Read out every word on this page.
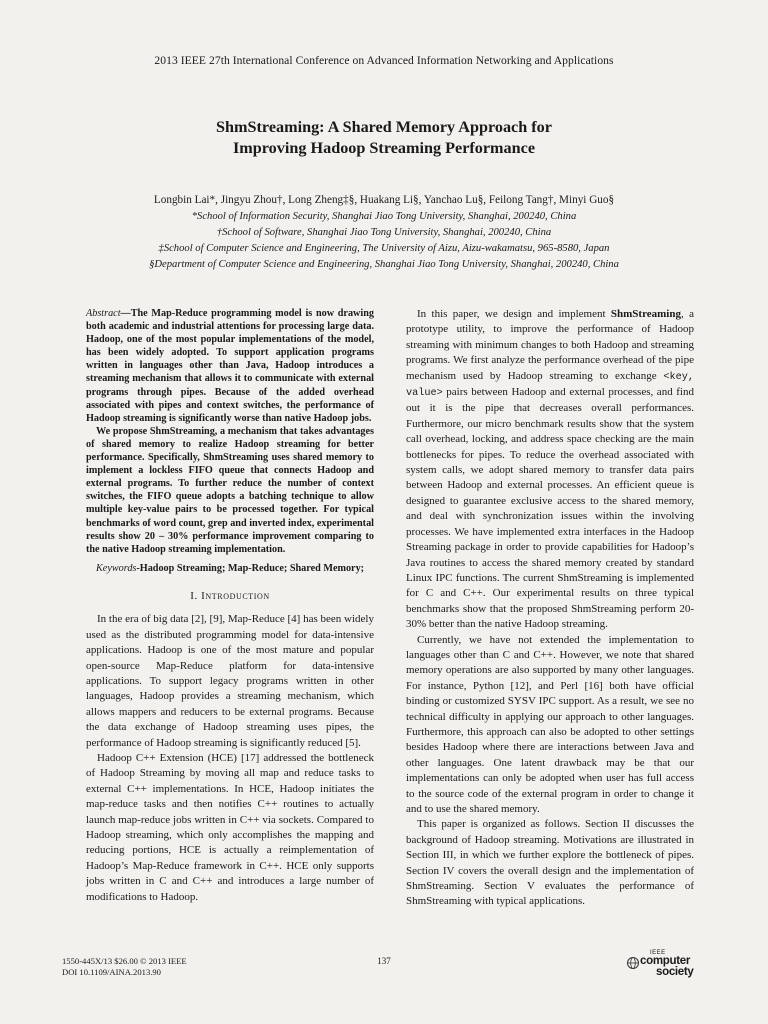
2013 IEEE 27th International Conference on Advanced Information Networking and Applications
ShmStreaming: A Shared Memory Approach for
Improving Hadoop Streaming Performance
Longbin Lai*, Jingyu Zhou†, Long Zheng‡§, Huakang Li§, Yanchao Lu§, Feilong Tang†, Minyi Guo§
*School of Information Security, Shanghai Jiao Tong University, Shanghai, 200240, China
†School of Software, Shanghai Jiao Tong University, Shanghai, 200240, China
‡School of Computer Science and Engineering, The University of Aizu, Aizu-wakamatsu, 965-8580, Japan
§Department of Computer Science and Engineering, Shanghai Jiao Tong University, Shanghai, 200240, China

Abstract—The Map-Reduce programming model is now drawing both academic and industrial attentions for processing large data. Hadoop, one of the most popular implementations of the model, has been widely adopted. To support application programs written in languages other than Java, Hadoop introduces a streaming mechanism that allows it to communicate with external programs through pipes. Because of the added overhead associated with pipes and context switches, the performance of Hadoop streaming is significantly worse than native Hadoop jobs.

We propose ShmStreaming, a mechanism that takes advantages of shared memory to realize Hadoop streaming for better performance. Specifically, ShmStreaming uses shared memory to implement a lockless FIFO queue that connects Hadoop and external programs. To further reduce the number of context switches, the FIFO queue adopts a batching technique to allow multiple key-value pairs to be processed together. For typical benchmarks of word count, grep and inverted index, experimental results show 20 – 30% performance improvement comparing to the native Hadoop streaming implementation.

Keywords-Hadoop Streaming; Map-Reduce; Shared Memory;
I. Introduction

In the era of big data [2], [9], Map-Reduce [4] has been widely used as the distributed programming model for data-intensive applications. Hadoop is one of the most mature and popular open-source Map-Reduce platform for data-intensive applications. To support legacy programs written in other languages, Hadoop provides a streaming mechanism, which allows mappers and reducers to be external programs. Because the data exchange of Hadoop streaming uses pipes, the performance of Hadoop streaming is significantly reduced [5].

Hadoop C++ Extension (HCE) [17] addressed the bottleneck of Hadoop Streaming by moving all map and reduce tasks to external C++ implementations. In HCE, Hadoop initiates the map-reduce tasks and then notifies C++ routines to actually launch map-reduce jobs written in C++ via sockets. Compared to Hadoop streaming, which only accomplishes the mapping and reducing portions, HCE is actually a reimplementation of Hadoop’s Map-Reduce framework in C++. HCE only supports jobs written in C and C++ and introduces a large number of modifications to Hadoop.

In this paper, we design and implement ShmStreaming, a prototype utility, to improve the performance of Hadoop streaming with minimum changes to both Hadoop and streaming programs. We first analyze the performance overhead of the pipe mechanism used by Hadoop streaming to exchange <key, value> pairs between Hadoop and external processes, and find out it is the pipe that decreases overall performances. Furthermore, our micro benchmark results show that the system call overhead, locking, and address space checking are the main bottlenecks for pipes. To reduce the overhead associated with system calls, we adopt shared memory to transfer data pairs between Hadoop and external processes. An efficient queue is designed to guarantee exclusive access to the shared memory, and deal with synchronization issues within the involving processes. We have implemented extra interfaces in the Hadoop Streaming package in order to provide capabilities for Hadoop’s Java routines to access the shared memory created by standard Linux IPC functions. The current ShmStreaming is implemented for C and C++. Our experimental results on three typical benchmarks show that the proposed ShmStreaming perform 20-30% better than the native Hadoop streaming.

Currently, we have not extended the implementation to languages other than C and C++. However, we note that shared memory operations are also supported by many other languages. For instance, Python [12], and Perl [16] both have official binding or customized SYSV IPC support. As a result, we see no technical difficulty in applying our approach to other languages. Furthermore, this approach can also be adopted to other settings besides Hadoop where there are interactions between Java and other languages. One latent drawback may be that our implementations can only be adopted when user has full access to the source code of the external program in order to change it and to use the shared memory.

This paper is organized as follows. Section II discusses the background of Hadoop streaming. Motivations are illustrated in Section III, in which we further explore the bottleneck of pipes. Section IV covers the overall design and the implementation of ShmStreaming. Section V evaluates the performance of ShmStreaming with typical applications.

1550-445X/13 $26.00 © 2013 IEEE
DOI 10.1109/AINA.2013.90
137
IEEE
computer
society
